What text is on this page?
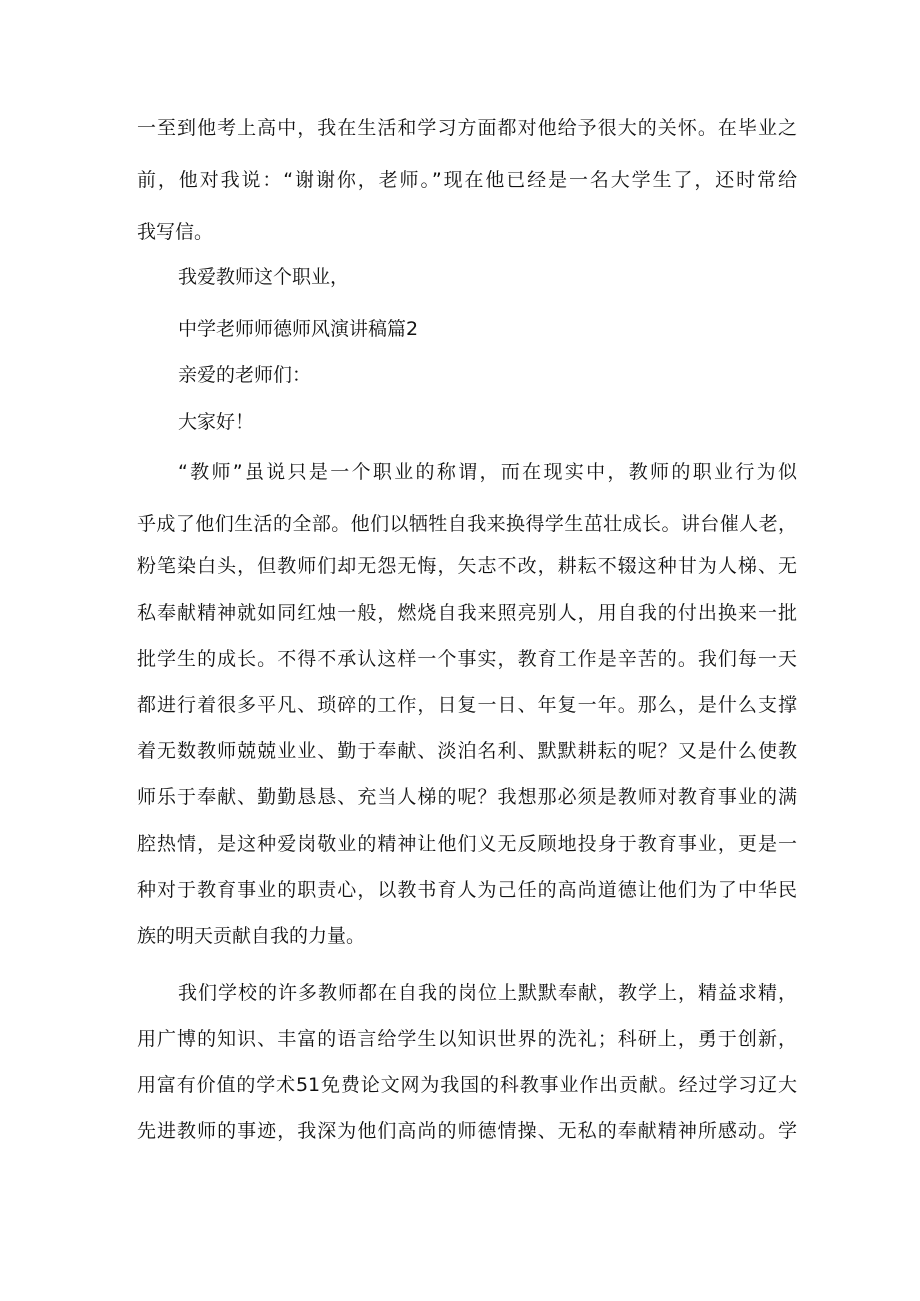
一至到他考上高中，我在生活和学习方面都对他给予很大的关怀。在毕业之

前，他对我说：“谢谢你，老师。”现在他已经是一名大学生了，还时常给

我写信。

我爱教师这个职业，

中学老师师德师风演讲稿篇2

亲爱的老师们：

大家好！

“教师”虽说只是一个职业的称谓，而在现实中，教师的职业行为似

乎成了他们生活的全部。他们以牺牲自我来换得学生茁壮成长。讲台催人老，

粉笔染白头，但教师们却无怨无悔，矢志不改，耕耘不辍这种甘为人梯、无

私奉献精神就如同红烛一般，燃烧自我来照亮别人，用自我的付出换来一批

批学生的成长。不得不承认这样一个事实，教育工作是辛苦的。我们每一天

都进行着很多平凡、琐碎的工作，日复一日、年复一年。那么，是什么支撑

着无数教师兢兢业业、勤于奉献、淡泊名利、默默耕耘的呢？又是什么使教

师乐于奉献、勤勤恳恳、充当人梯的呢？我想那必须是教师对教育事业的满

腔热情，是这种爱岗敬业的精神让他们义无反顾地投身于教育事业，更是一

种对于教育事业的职责心，以教书育人为己任的高尚道德让他们为了中华民

族的明天贡献自我的力量。

我们学校的许多教师都在自我的岗位上默默奉献，教学上，精益求精，

用广博的知识、丰富的语言给学生以知识世界的洗礼；科研上，勇于创新，

用富有价值的学术51免费论文网为我国的科教事业作出贡献。经过学习辽大

先进教师的事迹，我深为他们高尚的师德情操、无私的奉献精神所感动。学
